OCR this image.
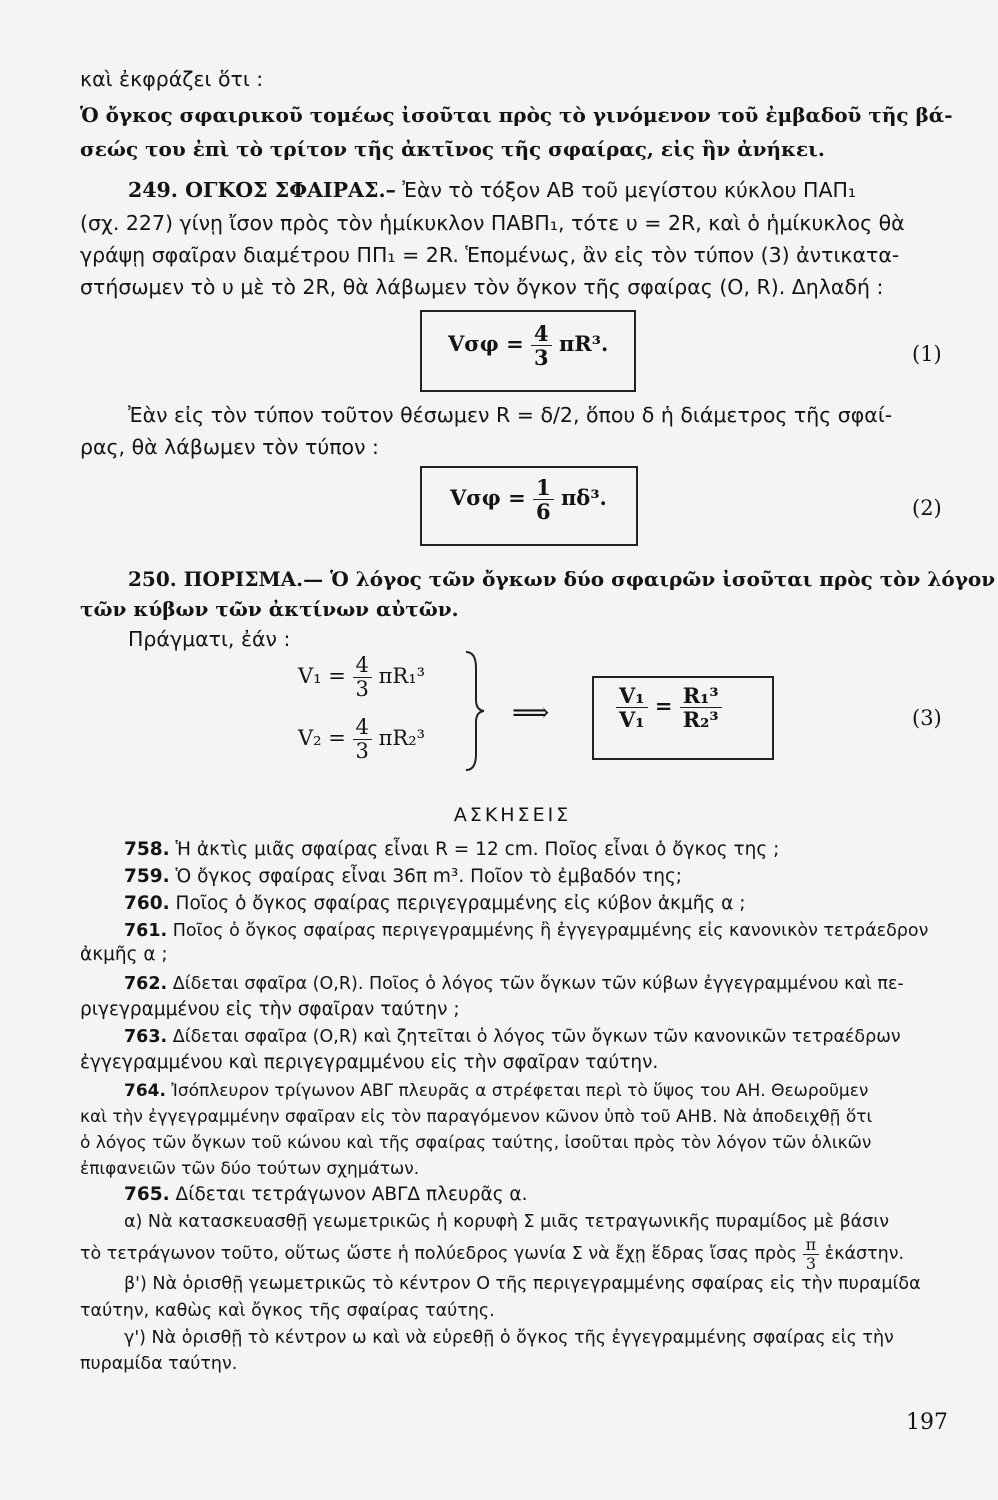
καὶ ἐκφράζει ὅτι :
Ὁ ὄγκος σφαιρικοῦ τομέως ἰσοῦται πρὸς τὸ γινόμενον τοῦ ἐμβαδοῦ τῆς βά-
σεώς του ἐπὶ τὸ τρίτον τῆς ἀκτῖνος τῆς σφαίρας, εἰς ἣν ἀνήκει.
249. ΟΓΚΟΣ ΣΦΑΙΡΑΣ.– Ἐὰν τὸ τόξον ΑΒ τοῦ μεγίστου κύκλου ΠΑΠ₁
(σχ. 227) γίνῃ ἴσον πρὸς τὸν ἡμίκυκλον ΠΑΒΠ₁, τότε υ = 2R, καὶ ὁ ἡμίκυκλος θὰ
γράψῃ σφαῖραν διαμέτρου ΠΠ₁ = 2R. Ἑπομένως, ἂν εἰς τὸν τύπον (3) ἀντικατα-
στήσωμεν τὸ υ μὲ τὸ 2R, θὰ λάβωμεν τὸν ὄγκον τῆς σφαίρας (Ο, R). Δηλαδή :
$V\sigma\varphi = \frac{4}{3} \pi R^3$.	(1)
Ἐὰν εἰς τὸν τύπον τοῦτον θέσωμεν R = δ/2, ὅπου δ ἡ διάμετρος τῆς σφαί-
ρας, θὰ λάβωμεν τὸν τύπον :
$V\sigma\varphi = \frac{1}{6} \pi\delta^3$.	(2)
250. ΠΟΡΙΣΜΑ.— Ὁ λόγος τῶν ὄγκων δύο σφαιρῶν ἰσοῦται πρὸς τὸν λόγον
τῶν κύβων τῶν ἀκτίνων αὐτῶν.
Πράγματι, ἐάν :
$V_1 = \frac{4}{3} \pi R_1^3$
$V_2 = \frac{4}{3} \pi R_2^3$
⟹	$\frac{\text{V₁}}{\text{V₁}} = \frac{\text{R₁³}}{\text{R₂³}}$	(3)
ΑΣΚΗΣΕΙΣ
758. Ἡ ἀκτὶς μιᾶς σφαίρας εἶναι R = 12 cm. Ποῖος εἶναι ὁ ὄγκος της ;
759. Ὁ ὄγκος σφαίρας εἶναι 36π m³. Ποῖον τὸ ἐμβαδόν της;
760. Ποῖος ὁ ὄγκος σφαίρας περιγεγραμμένης εἰς κύβον ἀκμῆς α ;
761. Ποῖος ὁ ὄγκος σφαίρας περιγεγραμμένης ἢ ἐγγεγραμμένης εἰς κανονικὸν τετράεδρον
ἀκμῆς α ;
762. Δίδεται σφαῖρα (Ο,R). Ποῖος ὁ λόγος τῶν ὄγκων τῶν κύβων ἐγγεγραμμένου καὶ πε-
ριγεγραμμένου εἰς τὴν σφαῖραν ταύτην ;
763. Δίδεται σφαῖρα (Ο,R) καὶ ζητεῖται ὁ λόγος τῶν ὄγκων τῶν κανονικῶν τετραέδρων
ἐγγεγραμμένου καὶ περιγεγραμμένου εἰς τὴν σφαῖραν ταύτην.
764. Ἰσόπλευρον τρίγωνον ΑΒΓ πλευρᾶς α στρέφεται περὶ τὸ ὕψος του ΑΗ. Θεωροῦμεν
καὶ τὴν ἐγγεγραμμένην σφαῖραν εἰς τὸν παραγόμενον κῶνον ὑπὸ τοῦ ΑΗΒ. Νὰ ἀποδειχθῇ ὅτι
ὁ λόγος τῶν ὄγκων τοῦ κώνου καὶ τῆς σφαίρας ταύτης, ἰσοῦται πρὸς τὸν λόγον τῶν ὁλικῶν
ἐπιφανειῶν τῶν δύο τούτων σχημάτων.
765. Δίδεται τετράγωνον ΑΒΓΔ πλευρᾶς α.
α) Νὰ κατασκευασθῇ γεωμετρικῶς ἡ κορυφὴ Σ μιᾶς τετραγωνικῆς πυραμίδος μὲ βάσιν
τὸ τετράγωνον τοῦτο, οὕτως ὥστε ἡ πολύεδρος γωνία Σ νὰ ἔχῃ ἕδρας ἴσας πρὸς $\frac{\pi}{3}$ ἑκάστην.
β') Νὰ ὁρισθῇ γεωμετρικῶς τὸ κέντρον Ο τῆς περιγεγραμμένης σφαίρας εἰς τὴν πυραμίδα
ταύτην, καθὼς καὶ ὄγκος τῆς σφαίρας ταύτης.
γ') Νὰ ὁρισθῇ τὸ κέντρον ω καὶ νὰ εὑρεθῇ ὁ ὄγκος τῆς ἐγγεγραμμένης σφαίρας εἰς τὴν
πυραμίδα ταύτην.
197
